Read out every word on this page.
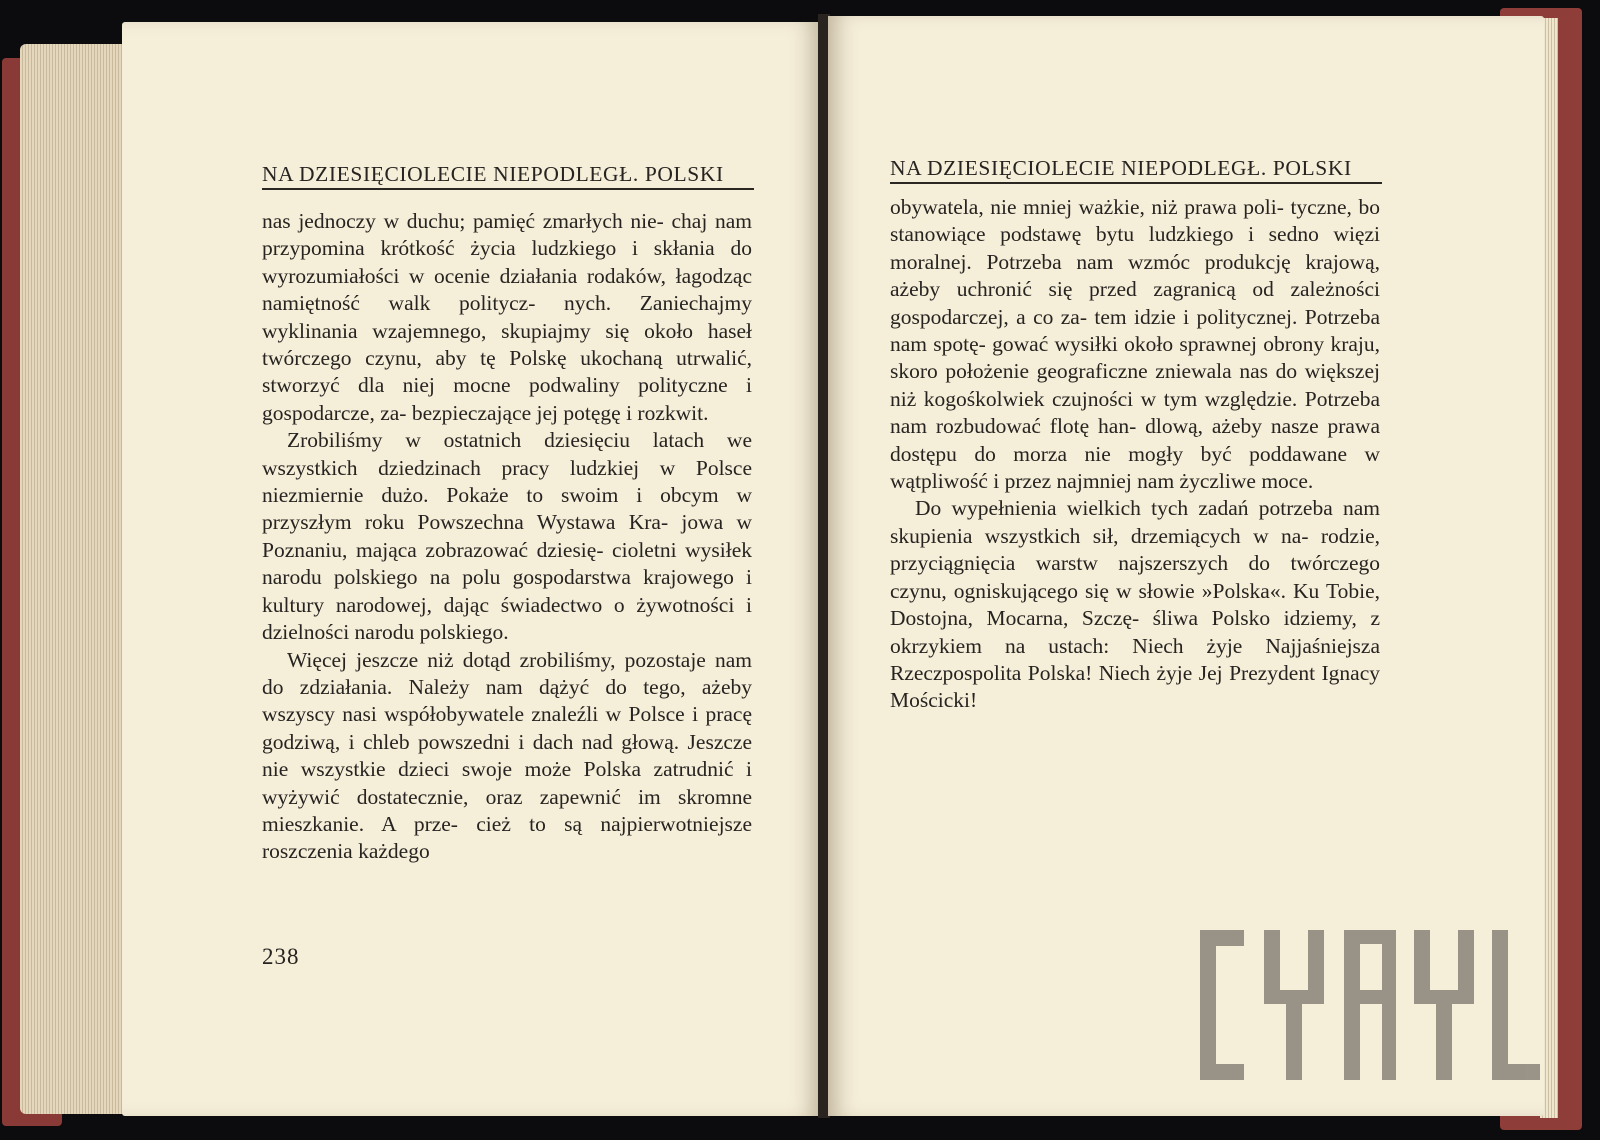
NA DZIESIĘCIOLECIE NIEPODLEGŁ. POLSKI

nas jednoczy w duchu; pamięć zmarłych nie- chaj nam przypomina krótkość życia ludzkiego i skłania do wyrozumiałości w ocenie działania rodaków, łagodząc namiętność walk politycz- nych. Zaniechajmy wyklinania wzajemnego, skupiajmy się około haseł twórczego czynu, aby tę Polskę ukochaną utrwalić, stworzyć dla niej mocne podwaliny polityczne i gospodarcze, za- bezpieczające jej potęgę i rozkwit.

Zrobiliśmy w ostatnich dziesięciu latach we wszystkich dziedzinach pracy ludzkiej w Polsce niezmiernie dużo. Pokaże to swoim i obcym w przyszłym roku Powszechna Wystawa Kra- jowa w Poznaniu, mająca zobrazować dziesię- cioletni wysiłek narodu polskiego na polu gospodarstwa krajowego i kultury narodowej, dając świadectwo o żywotności i dzielności narodu polskiego.

Więcej jeszcze niż dotąd zrobiliśmy, pozostaje nam do zdziałania. Należy nam dążyć do tego, ażeby wszyscy nasi współobywatele znaleźli w Polsce i pracę godziwą, i chleb powszedni i dach nad głową. Jeszcze nie wszystkie dzieci swoje może Polska zatrudnić i wyżywić dostatecznie, oraz zapewnić im skromne mieszkanie. A prze- cież to są najpierwotniejsze roszczenia każdego

238
NA DZIESIĘCIOLECIE NIEPODLEGŁ. POLSKI

obywatela, nie mniej ważkie, niż prawa poli- tyczne, bo stanowiące podstawę bytu ludzkiego i sedno więzi moralnej. Potrzeba nam wzmóc produkcję krajową, ażeby uchronić się przed zagranicą od zależności gospodarczej, a co za- tem idzie i politycznej. Potrzeba nam spotę- gować wysiłki około sprawnej obrony kraju, skoro położenie geograficzne zniewala nas do większej niż kogośkolwiek czujności w tym względzie. Potrzeba nam rozbudować flotę han- dlową, ażeby nasze prawa dostępu do morza nie mogły być poddawane w wątpliwość i przez najmniej nam życzliwe moce.

Do wypełnienia wielkich tych zadań potrzeba nam skupienia wszystkich sił, drzemiących w na- rodzie, przyciągnięcia warstw najszerszych do twórczego czynu, ogniskującego się w słowie »Polska«. Ku Tobie, Dostojna, Mocarna, Szczę- śliwa Polsko idziemy, z okrzykiem na ustach: Niech żyje Najjaśniejsza Rzeczpospolita Polska! Niech żyje Jej Prezydent Ignacy Mościcki!
